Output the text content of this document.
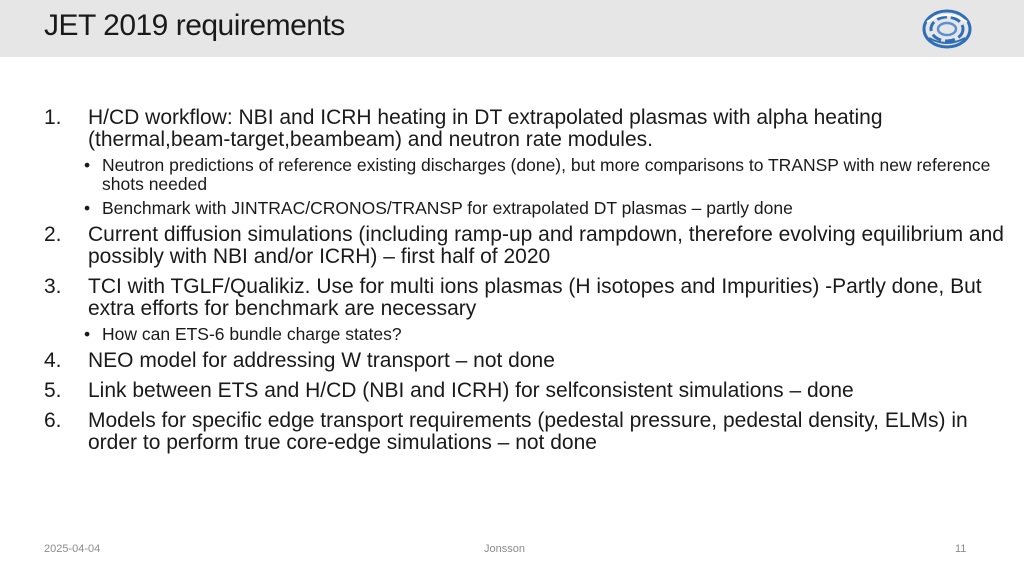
JET 2019 requirements
1. H/CD workflow: NBI and ICRH heating in DT extrapolated plasmas with alpha heating (thermal,beam-target,beambeam) and neutron rate modules.
• Neutron predictions of reference existing discharges (done), but more comparisons to TRANSP with new reference shots needed
• Benchmark with JINTRAC/CRONOS/TRANSP for extrapolated DT plasmas – partly done
2. Current diffusion simulations (including ramp-up and rampdown, therefore evolving equilibrium and possibly with NBI and/or ICRH) – first half of 2020
3. TCI with TGLF/Qualikiz. Use for multi ions plasmas (H isotopes and Impurities) -Partly done, But extra efforts for benchmark are necessary
• How can ETS-6 bundle charge states?
4. NEO model for addressing W transport – not done
5. Link between ETS and H/CD (NBI and ICRH) for selfconsistent simulations – done
6. Models for specific edge transport requirements (pedestal pressure, pedestal density, ELMs) in order to perform true core-edge simulations – not done
2025-04-04	Jonsson	11
